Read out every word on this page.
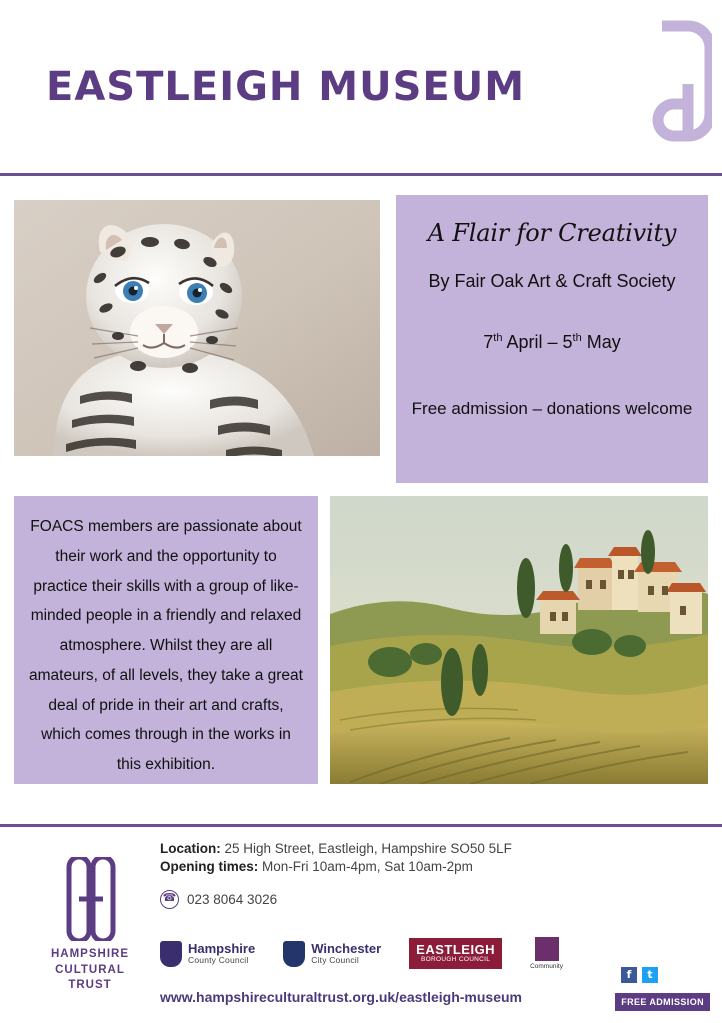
EASTLEIGH MUSEUM
A Flair for Creativity
By Fair Oak Art & Craft Society
7th April – 5th May
Free admission – donations welcome
FOACS members are passionate about their work and the opportunity to practice their skills with a group of like-minded people in a friendly and relaxed atmosphere. Whilst they are all amateurs, of all levels, they take a great deal of pride in their art and crafts, which comes through in the works in this exhibition.
HAMPSHIRE
CULTURAL
TRUST
Location: 25 High Street, Eastleigh, Hampshire SO50 5LF
Opening times: Mon-Fri 10am-4pm, Sat 10am-2pm
☎ 023 8064 3026
Hampshire
County Council
Winchester
City Council
EASTLEIGH
BOROUGH COUNCIL
Community
www.hampshireculturaltrust.org.uk/eastleigh-museum
f	t
FREE ADMISSION
